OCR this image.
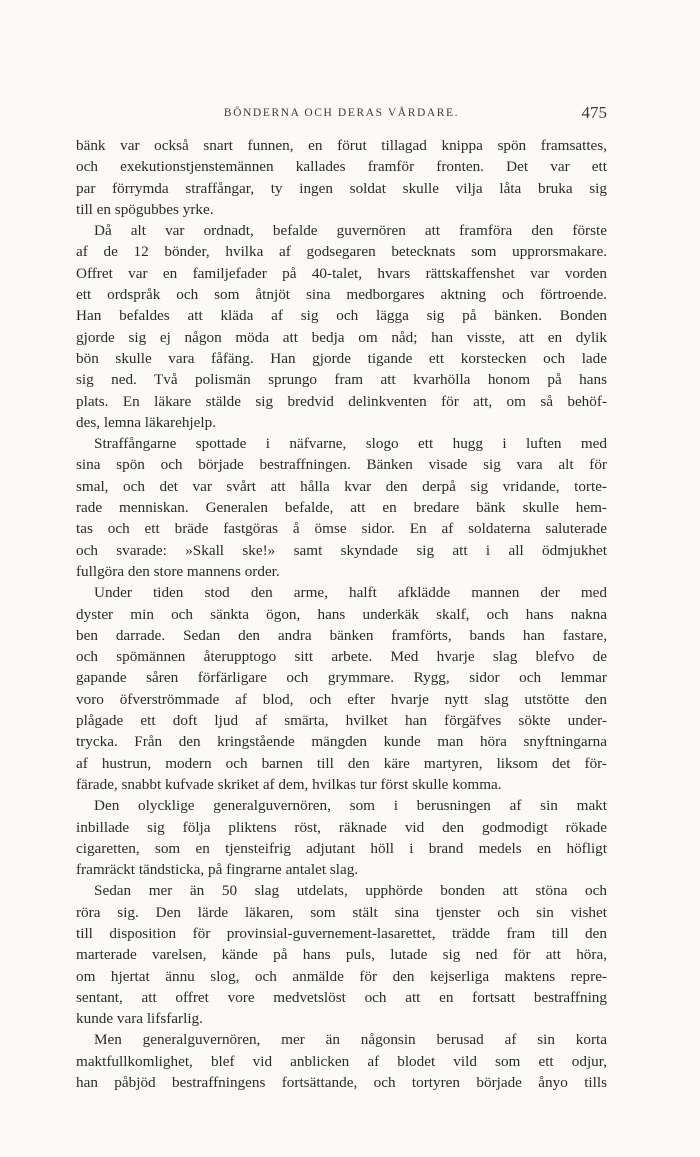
BÖNDERNA OCH DERAS VÅRDARE.	475
bänk var också snart funnen, en förut tillagad knippa spön framsattes,
och exekutionstjenstemännen kallades framför fronten. Det var ett
par förrymda straffångar, ty ingen soldat skulle vilja låta bruka sig
till en spögubbes yrke.
Då alt var ordnadt, befalde guvernören att framföra den förste
af de 12 bönder, hvilka af godsegaren betecknats som upprorsmakare.
Offret var en familjefader på 40-talet, hvars rättskaffenshet var vorden
ett ordspråk och som åtnjöt sina medborgares aktning och förtroende.
Han befaldes att kläda af sig och lägga sig på bänken. Bonden
gjorde sig ej någon möda att bedja om nåd; han visste, att en dylik
bön skulle vara fåfäng. Han gjorde tigande ett korstecken och lade
sig ned. Två polismän sprungo fram att kvarhölla honom på hans
plats. En läkare stälde sig bredvid delinkventen för att, om så behöf-
des, lemna läkarehjelp.
Straffångarne spottade i näfvarne, slogo ett hugg i luften med
sina spön och började bestraffningen. Bänken visade sig vara alt för
smal, och det var svårt att hålla kvar den derpå sig vridande, torte-
rade menniskan. Generalen befalde, att en bredare bänk skulle hem-
tas och ett bräde fastgöras å ömse sidor. En af soldaterna saluterade
och svarade: »Skall ske!» samt skyndade sig att i all ödmjukhet
fullgöra den store mannens order.
Under tiden stod den arme, halft afklädde mannen der med
dyster min och sänkta ögon, hans underkäk skalf, och hans nakna
ben darrade. Sedan den andra bänken framförts, bands han fastare,
och spömännen återupptogo sitt arbete. Med hvarje slag blefvo de
gapande såren förfärligare och grymmare. Rygg, sidor och lemmar
voro öfverströmmade af blod, och efter hvarje nytt slag utstötte den
plågade ett doft ljud af smärta, hvilket han förgäfves sökte under-
trycka. Från den kringstående mängden kunde man höra snyftningarna
af hustrun, modern och barnen till den käre martyren, liksom det för-
färade, snabbt kufvade skriket af dem, hvilkas tur först skulle komma.
Den olycklige generalguvernören, som i berusningen af sin makt
inbillade sig följa pliktens röst, räknade vid den godmodigt rökade
cigaretten, som en tjensteifrig adjutant höll i brand medels en höfligt
framräckt tändsticka, på fingrarne antalet slag.
Sedan mer än 50 slag utdelats, upphörde bonden att stöna och
röra sig. Den lärde läkaren, som stält sina tjenster och sin vishet
till disposition för provinsial-guvernement-lasarettet, trädde fram till den
marterade varelsen, kände på hans puls, lutade sig ned för att höra,
om hjertat ännu slog, och anmälde för den kejserliga maktens repre-
sentant, att offret vore medvetslöst och att en fortsatt bestraffning
kunde vara lifsfarlig.
Men generalguvernören, mer än någonsin berusad af sin korta
maktfullkomlighet, blef vid anblicken af blodet vild som ett odjur,
han påbjöd bestraffningens fortsättande, och tortyren började ånyo tills
